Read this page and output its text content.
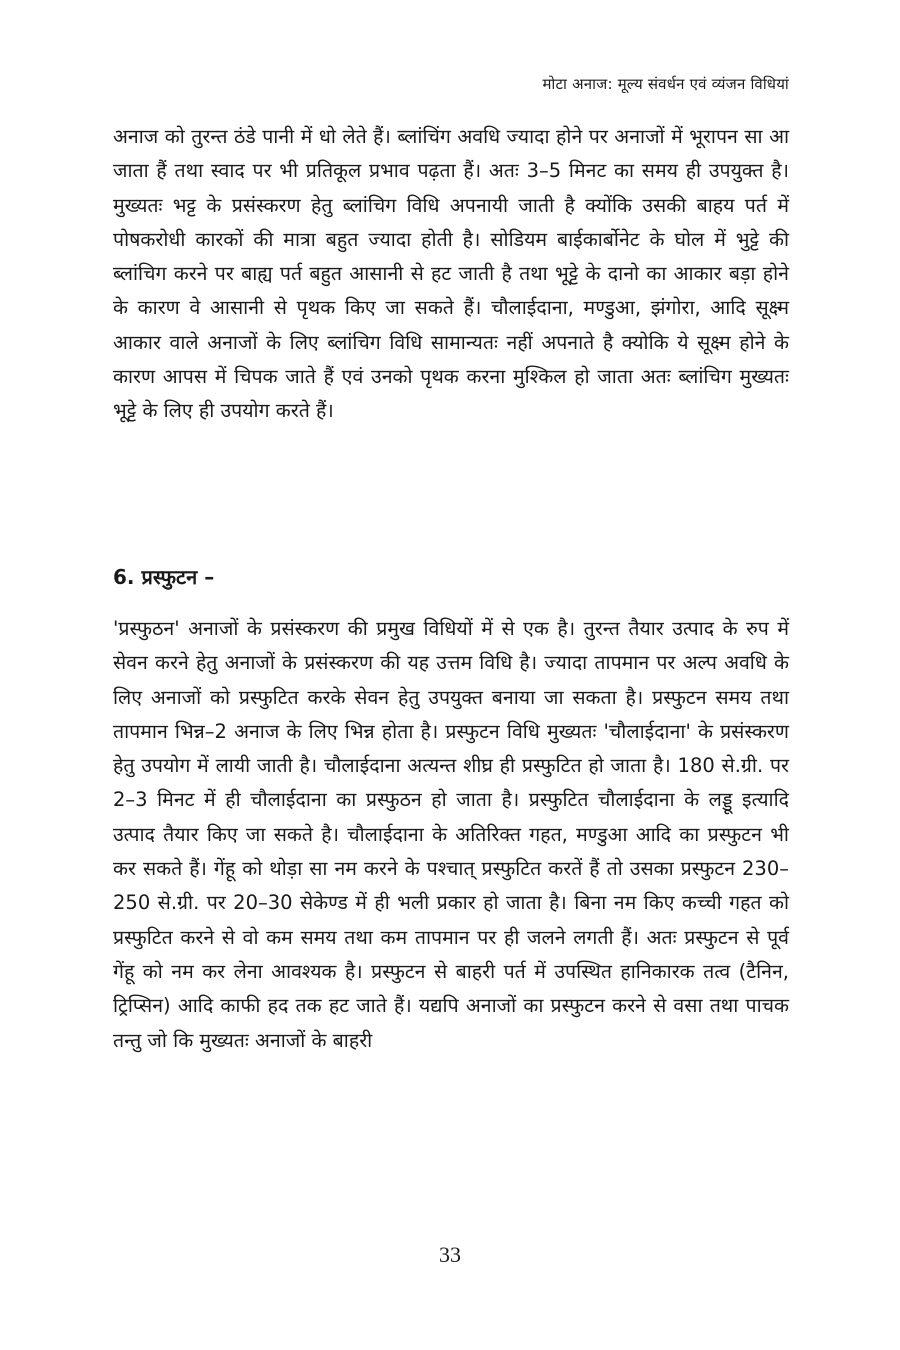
मोटा अनाज: मूल्य संवर्धन एवं व्यंजन विधियां

अनाज को तुरन्त ठंडे पानी में धो लेते हैं। ब्लांचिंग अवधि ज्यादा होने पर अनाजों में भूरापन सा आ जाता हैं तथा स्वाद पर भी प्रतिकूल प्रभाव पढ़ता हैं। अतः 3–5 मिनट का समय ही उपयुक्त है। मुख्यतः भट्ट के प्रसंस्करण हेतु ब्लांचिग विधि अपनायी जाती है क्योंकि उसकी बाहय पर्त में पोषकरोधी कारकों की मात्रा बहुत ज्यादा होती है। सोडियम बाईकार्बोनेट के घोल में भुट्टे की ब्लांचिग करने पर बाह्य पर्त बहुत आसानी से हट जाती है तथा भूट्टे के दानो का आकार बड़ा होने के कारण वे आसानी से पृथक किए जा सकते हैं। चौलाईदाना, मण्डुआ, झंगोरा, आदि सूक्ष्म आकार वाले अनाजों के लिए ब्लांचिग विधि सामान्यतः नहीं अपनाते है क्योकि ये सूक्ष्म होने के कारण आपस में चिपक जाते हैं एवं उनको पृथक करना मुश्किल हो जाता अतः ब्लांचिग मुख्यतः भूट्टे के लिए ही उपयोग करते हैं।

6. प्रस्फुटन –

'प्रस्फुठन' अनाजों के प्रसंस्करण की प्रमुख विधियों में से एक है। तुरन्त तैयार उत्पाद के रुप में सेवन करने हेतु अनाजों के प्रसंस्करण की यह उत्तम विधि है। ज्यादा तापमान पर अल्प अवधि के लिए अनाजों को प्रस्फुटित करके सेवन हेतु उपयुक्त बनाया जा सकता है। प्रस्फुटन समय तथा तापमान भिन्न–2 अनाज के लिए भिन्न होता है। प्रस्फुटन विधि मुख्यतः 'चौलाईदाना' के प्रसंस्करण हेतु उपयोग में लायी जाती है। चौलाईदाना अत्यन्त शीघ्र ही प्रस्फुटित हो जाता है। 180 से.ग्री. पर 2–3 मिनट में ही चौलाईदाना का प्रस्फुठन हो जाता है। प्रस्फुटित चौलाईदाना के लड्डू इत्यादि उत्पाद तैयार किए जा सकते है। चौलाईदाना के अतिरिक्त गहत, मण्डुआ आदि का प्रस्फुटन भी कर सकते हैं। गेंहू को थोड़ा सा नम करने के पश्चात् प्रस्फुटित करतें हैं तो उसका प्रस्फुटन 230–250 से.ग्री. पर 20–30 सेकेण्ड में ही भली प्रकार हो जाता है। बिना नम किए कच्ची गहत को प्रस्फुटित करने से वो कम समय तथा कम तापमान पर ही जलने लगती हैं। अतः प्रस्फुटन से पूर्व गेंहू को नम कर लेना आवश्यक है। प्रस्फुटन से बाहरी पर्त में उपस्थित हानिकारक तत्व (टैनिन, ट्रिप्सिन) आदि काफी हद तक हट जाते हैं। यद्यपि अनाजों का प्रस्फुटन करने से वसा तथा पाचक तन्तु जो कि मुख्यतः अनाजों के बाहरी

33
